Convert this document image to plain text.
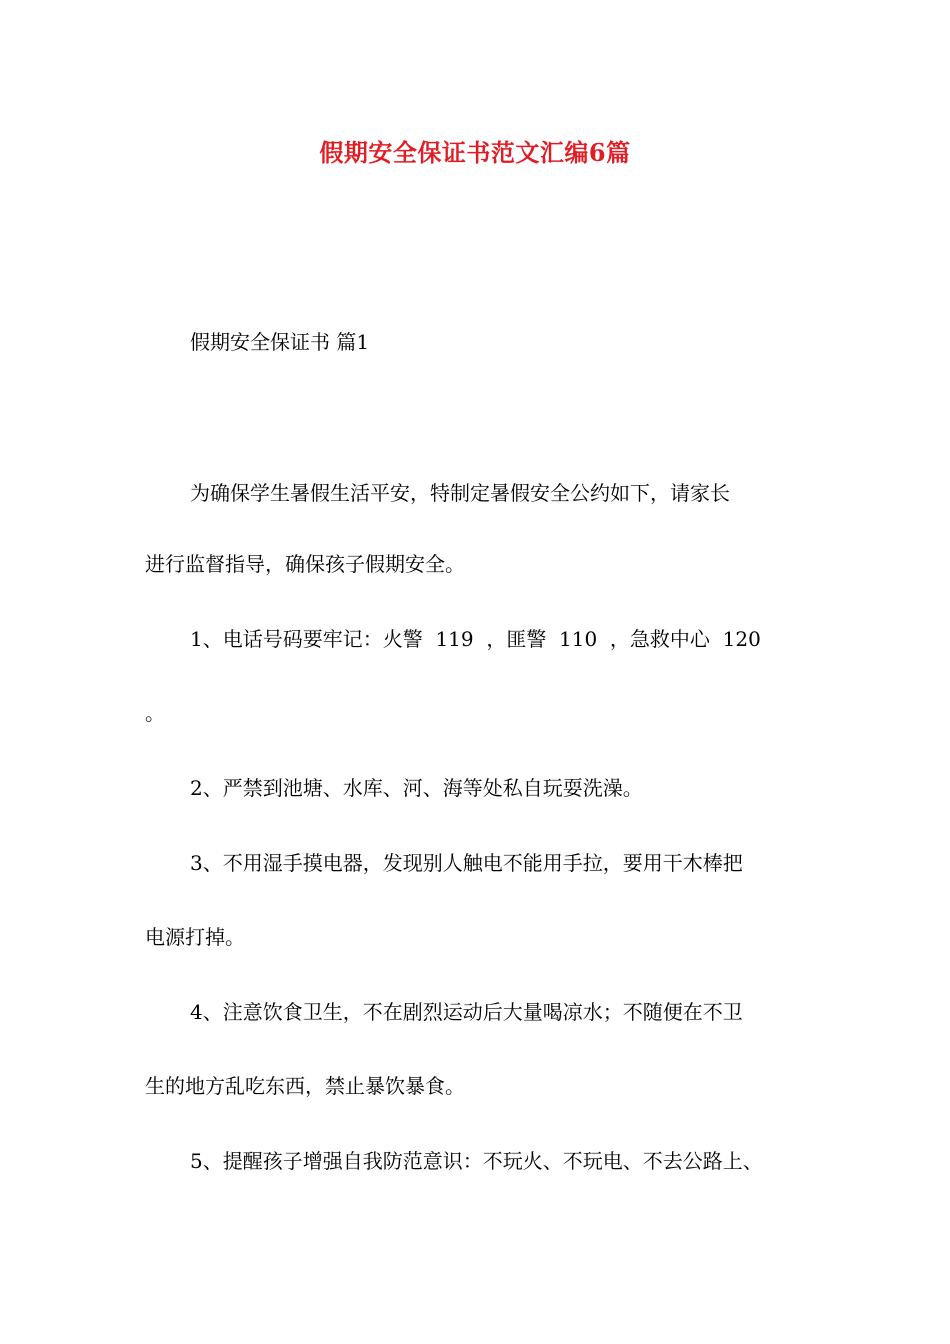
假期安全保证书范文汇编6篇
假期安全保证书 篇1
为确保学生暑假生活平安，特制定暑假安全公约如下，请家长
进行监督指导，确保孩子假期安全。
1、电话号码要牢记：火警  119  ，匪警  110  ，急救中心  120
。
2、严禁到池塘、水库、河、海等处私自玩耍洗澡。
3、不用湿手摸电器，发现别人触电不能用手拉，要用干木棒把
电源打掉。
4、注意饮食卫生，不在剧烈运动后大量喝凉水；不随便在不卫
生的地方乱吃东西，禁止暴饮暴食。
5、提醒孩子增强自我防范意识：不玩火、不玩电、不去公路上、
